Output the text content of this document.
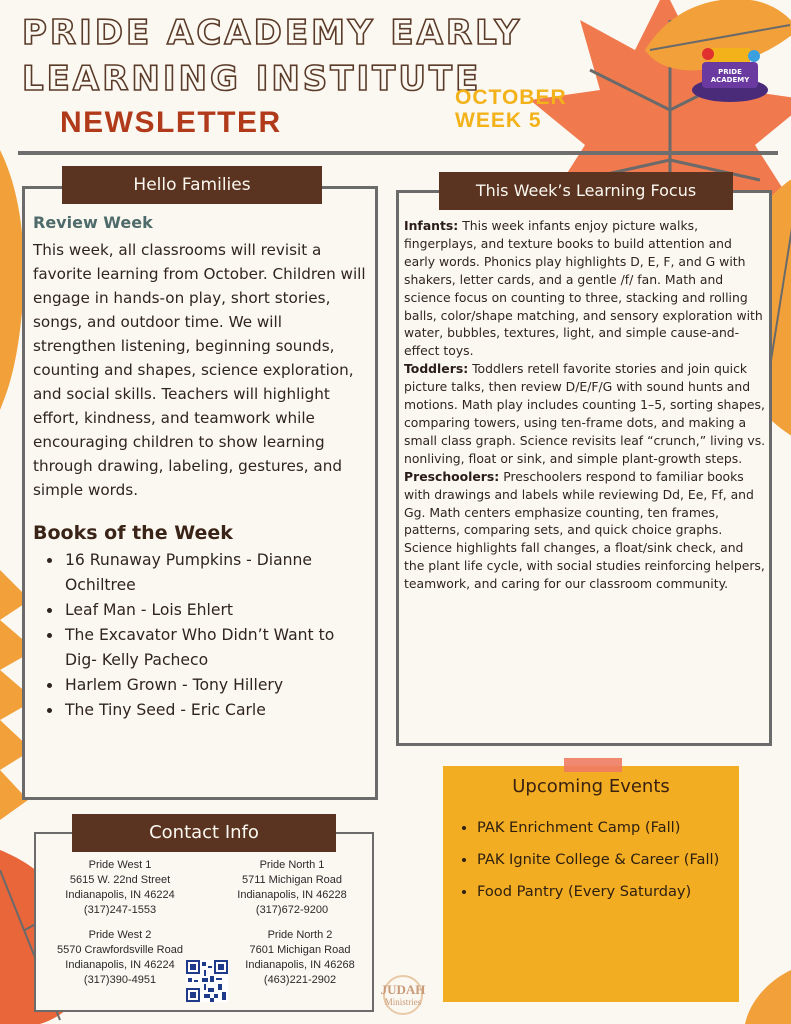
PRIDE ACADEMY
PRIDE ACADEMY EARLY
LEARNING INSTITUTE
NEWSLETTER
OCTOBER
WEEK 5
Review Week
This week, all classrooms will revisit a favorite learning from October. Children will engage in hands-on play, short stories, songs, and outdoor time. We will strengthen listening, beginning sounds, counting and shapes, science exploration, and social skills. Teachers will highlight effort, kindness, and teamwork while encouraging children to show learning through drawing, labeling, gestures, and simple words.
Books of the Week
• 16 Runaway Pumpkins - Dianne Ochiltree
• Leaf Man - Lois Ehlert
• The Excavator Who Didn’t Want to Dig- Kelly Pacheco
• Harlem Grown - Tony Hillery
• The Tiny Seed - Eric Carle
Hello Families
Infants: This week infants enjoy picture walks, fingerplays, and texture books to build attention and early words. Phonics play highlights D, E, F, and G with shakers, letter cards, and a gentle /f/ fan. Math and science focus on counting to three, stacking and rolling balls, color/shape matching, and sensory exploration with water, bubbles, textures, light, and simple cause-and-effect toys.
Toddlers: Toddlers retell favorite stories and join quick picture talks, then review D/E/F/G with sound hunts and motions. Math play includes counting 1–5, sorting shapes, comparing towers, using ten-frame dots, and making a small class graph. Science revisits leaf “crunch,” living vs. nonliving, float or sink, and simple plant-growth steps.
Preschoolers: Preschoolers respond to familiar books with drawings and labels while reviewing Dd, Ee, Ff, and Gg. Math centers emphasize counting, ten frames, patterns, comparing sets, and quick choice graphs. Science highlights fall changes, a float/sink check, and the plant life cycle, with social studies reinforcing helpers, teamwork, and caring for our classroom community.
This Week’s Learning Focus
Contact Info
Pride West 1
5615 W. 22nd Street
Indianapolis, IN 46224
(317)247-1553
Pride North 1
5711 Michigan Road
Indianapolis, IN 46228
(317)672-9200
Pride West 2
5570 Crawfordsville Road
Indianapolis, IN 46224
(317)390-4951
Pride North 2
7601 Michigan Road
Indianapolis, IN 46268
(463)221-2902
Upcoming Events
• PAK Enrichment Camp (Fall)
• PAK Ignite College & Career (Fall)
• Food Pantry (Every Saturday)
JUDAH
Ministries
